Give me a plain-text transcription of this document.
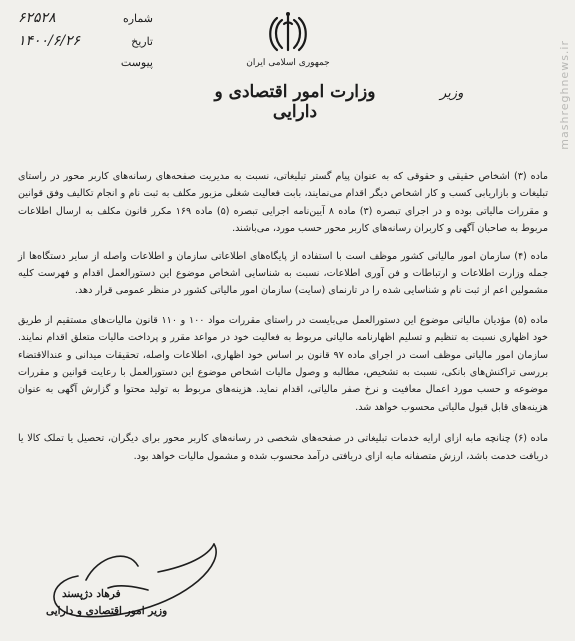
mashreghnews.ir
جمهوری اسلامی ایران
وزارت امور اقتصادی و دارایی
وزیر
شماره
۶۲۵۲۸
تاریخ
۱۴۰۰/۶/۲۶
پیوست

ماده (۳) اشخاص حقیقی و حقوقی که به عنوان پیام گستر تبلیغاتی، نسبت به مدیریت صفحه‌های رسانه‌های کاربر محور در راستای تبلیغات و بازاریابی کسب و کار اشخاص دیگر اقدام می‌نمایند، بابت فعالیت شغلی مزبور مکلف به ثبت نام و انجام تکالیف وفق قوانین و مقررات مالیاتی بوده و در اجرای تبصره (۳) ماده ۸ آیین‌نامه اجرایی تبصره (۵) ماده ۱۶۹ مکرر قانون مکلف به ارسال اطلاعات مربوط به صاحبان آگهی و کاربران رسانه‌های کاربر محور حسب مورد، می‌باشند.

ماده (۴) سازمان امور مالیاتی کشور موظف است با استفاده از پایگاه‌های اطلاعاتی سازمان و اطلاعات واصله از سایر دستگاه‌ها از جمله وزارت اطلاعات و ارتباطات و فن آوری اطلاعات، نسبت به شناسایی اشخاص موضوع این دستورالعمل اقدام و فهرست کلیه مشمولین اعم از ثبت نام و شناسایی شده را در تارنمای (سایت) سازمان امور مالیاتی کشور در منظر عمومی قرار دهد.

ماده (۵) مؤدیان مالیاتی موضوع این دستورالعمل می‌بایست در راستای مقررات مواد ۱۰۰ و ۱۱۰ قانون مالیات‌های مستقیم از طریق خود اظهاری نسبت به تنظیم و تسلیم اظهارنامه مالیاتی مربوط به فعالیت خود در مواعد مقرر و پرداخت مالیات متعلق اقدام نمایند. سازمان امور مالیاتی موظف است در اجرای ماده ۹۷ قانون بر اساس خود اظهاری، اطلاعات واصله، تحقیقات میدانی و عندالاقتضاء بررسی تراکنش‌های بانکی، نسبت به تشخیص، مطالبه و وصول مالیات اشخاص موضوع این دستورالعمل با رعایت قوانین و مقررات موضوعه و حسب مورد اعمال معافیت و نرخ صفر مالیاتی، اقدام نماید. هزینه‌های مربوط به تولید محتوا و گزارش آگهی به عنوان هزینه‌های قابل قبول مالیاتی محسوب خواهد شد.

ماده (۶) چنانچه مابه ازای ارایه خدمات تبلیغاتی در صفحه‌های شخصی در رسانه‌های کاربر محور برای دیگران، تحصیل یا تملک کالا یا دریافت خدمت باشد، ارزش متصفانه مابه ازای دریافتی درآمد محسوب شده و مشمول مالیات خواهد بود.

فرهاد دژپسند
وزیر امور اقتصادی و دارایی
